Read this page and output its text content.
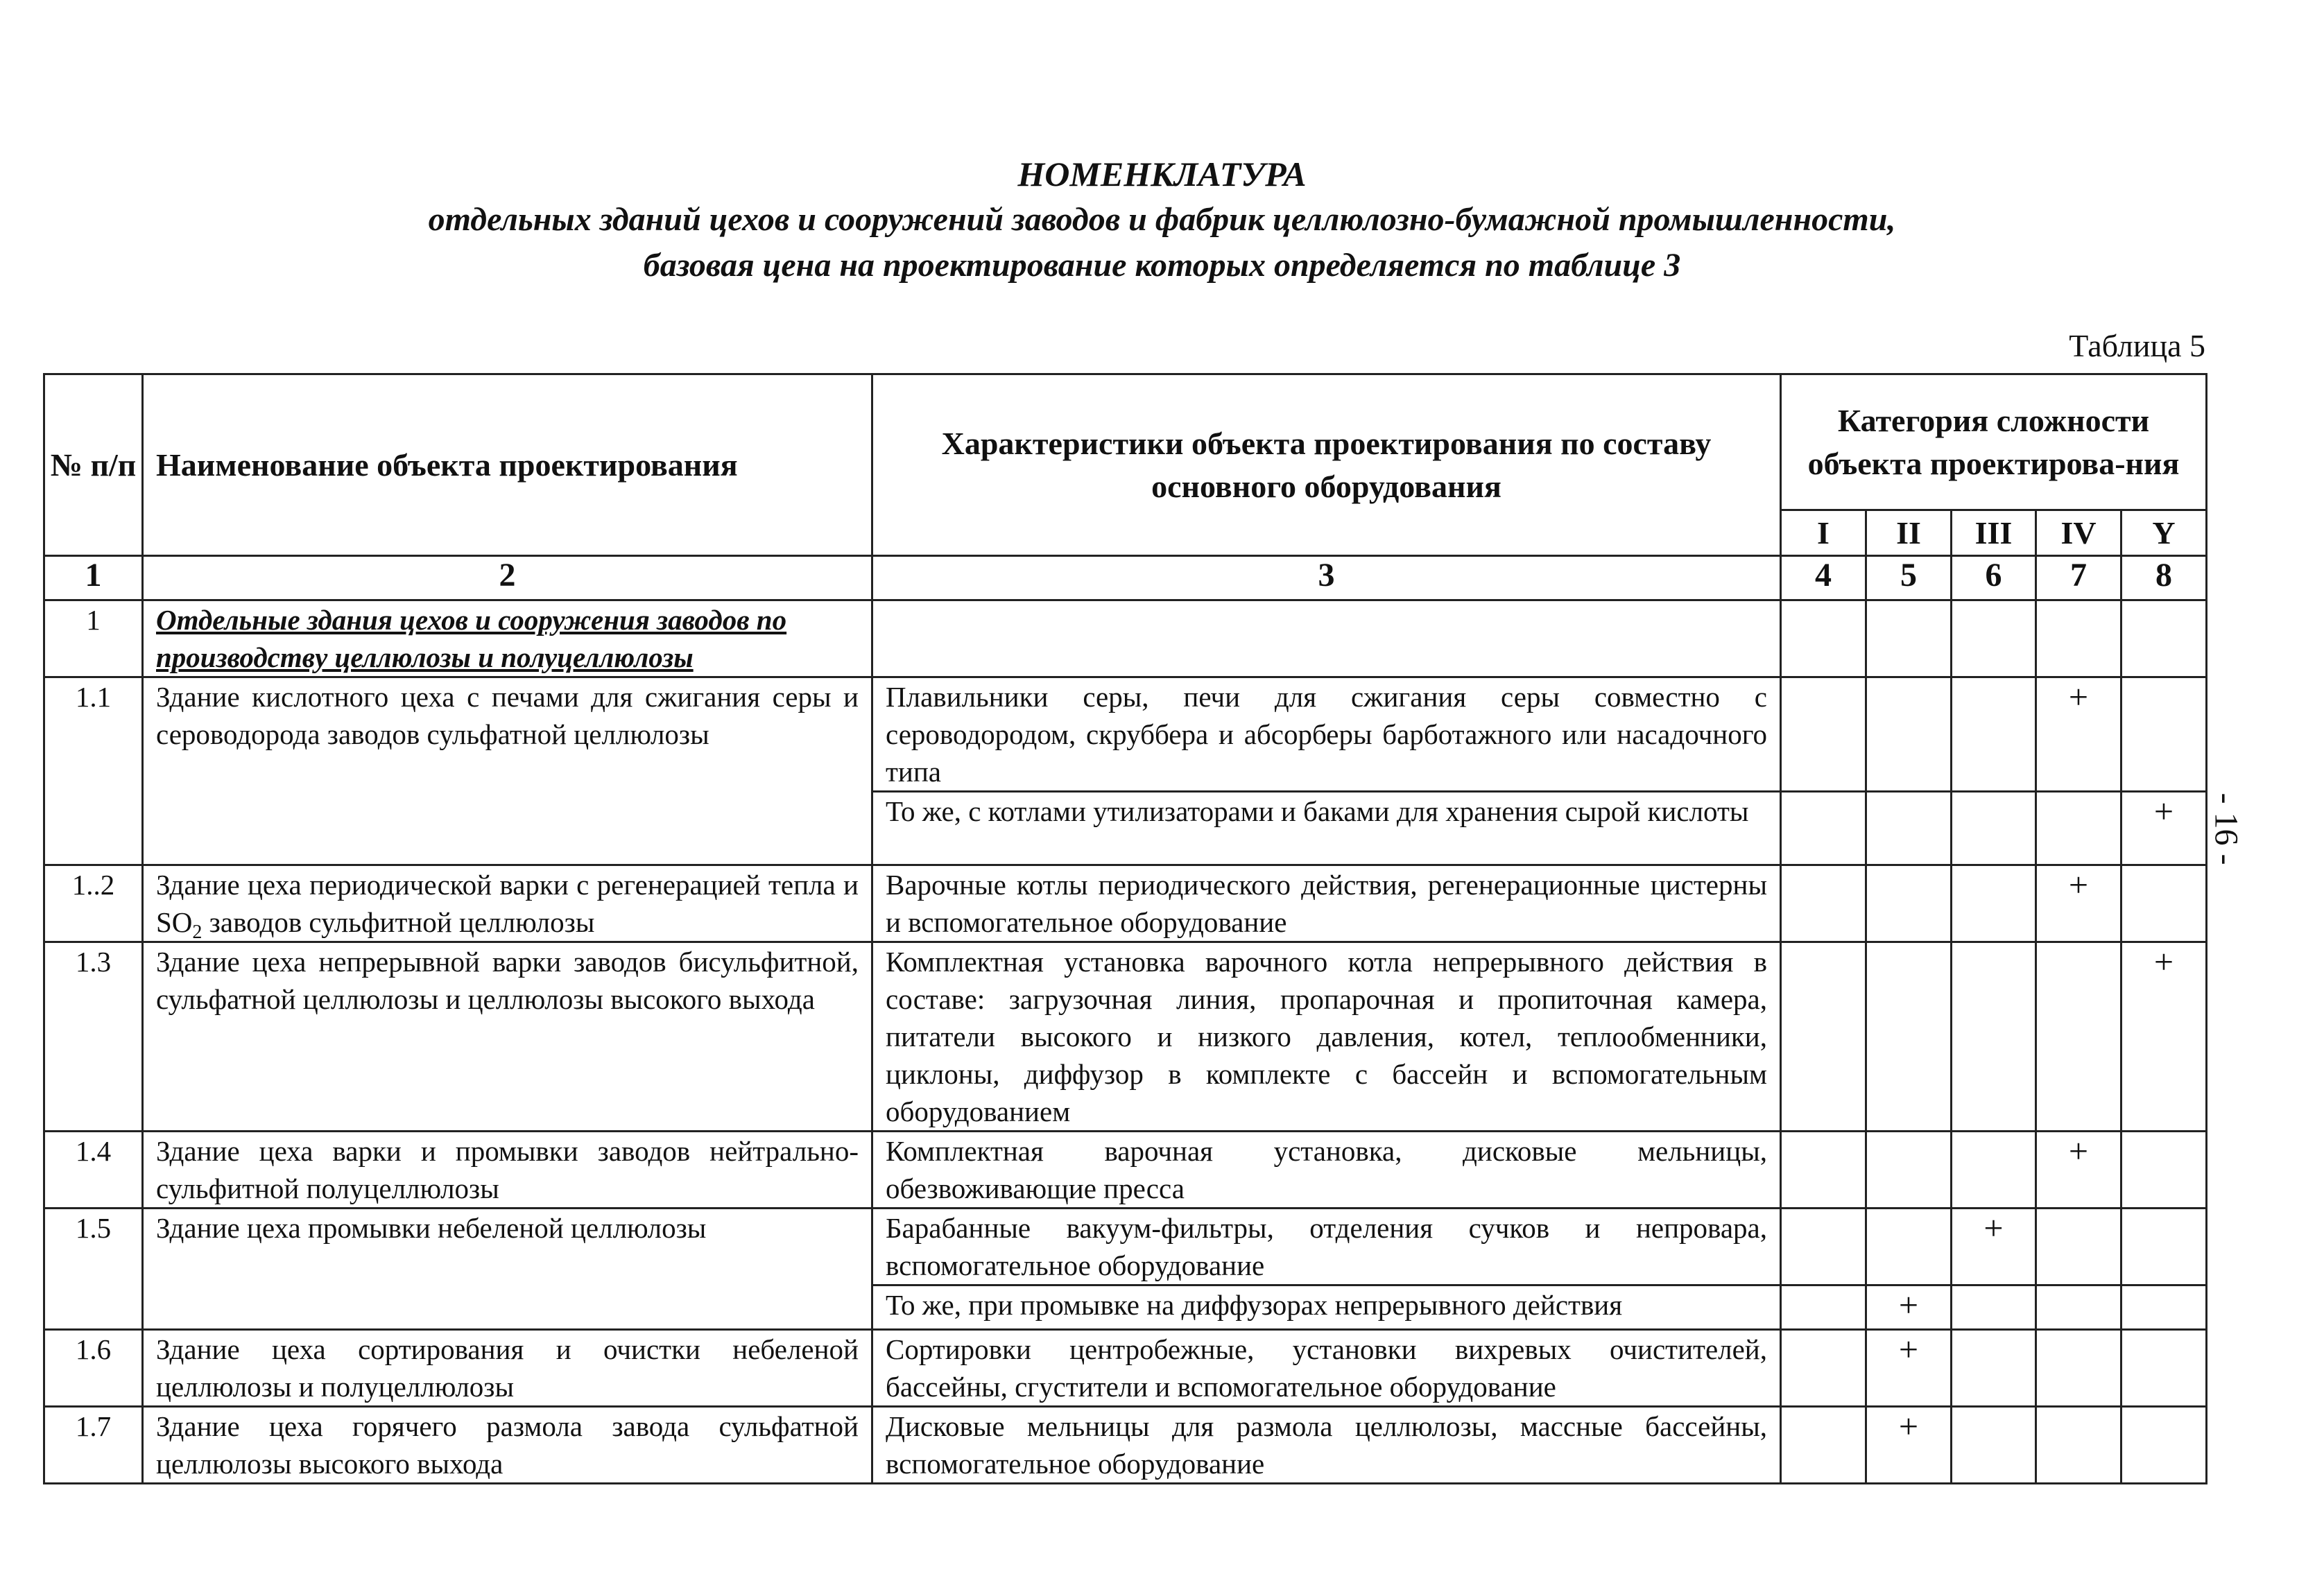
НОМЕНКЛАТУРА
отдельных зданий цехов и сооружений заводов и фабрик целлюлозно-бумажной промышленности,
базовая цена на проектирование которых определяется по таблице 3
Таблица 5
- 16 -
№ п/п	Наименование объекта проектирования	Характеристики объекта проектирования по составу основного оборудования	Категория сложности объекта проектирова-ния				
			I	II	III	IV	Y
1	2	3	4	5	6	7	8
1	Отдельные здания цехов и сооружения заводов по производству целлюлозы и полуцеллюлозы						
1.1	Здание кислотного цеха с печами для сжигания серы и сероводорода заводов сульфатной целлюлозы	Плавильники серы, печи для сжигания серы совместно с сероводородом, скруббера и абсорберы барботажного или насадочного типа				+	
		То же, с котлами утилизаторами и баками для хранения сырой кислоты					+
1..2	Здание цеха периодической варки с регенерацией тепла и $SO_2$ заводов сульфитной целлюлозы	Варочные котлы периодического действия, регенерационные цистерны и вспомогательное оборудование				+	
1.3	Здание цеха непрерывной варки заводов бисульфитной, сульфатной целлюлозы и целлюлозы высокого выхода	Комплектная установка варочного котла непрерывного действия в составе: загрузочная линия, пропарочная и пропиточная камера, питатели высокого и низкого давления, котел, теплообменники, циклоны, диффузор в комплекте с бассейн и вспомогательным оборудованием					+
1.4	Здание цеха варки и промывки заводов нейтрально-сульфитной полуцеллюлозы	Комплектная варочная установка, дисковые мельницы, обезвоживающие пресса				+	
1.5	Здание цеха промывки небеленой целлюлозы	Барабанные вакуум-фильтры, отделения сучков и непровара, вспомогательное оборудование			+		
		То же, при промывке на диффузорах непрерывного действия		+			
1.6	Здание цеха сортирования и очистки небеленой целлюлозы и полуцеллюлозы	Сортировки центробежные, установки вихревых очистителей, бассейны, сгустители и вспомогательное оборудование		+			
1.7	Здание цеха горячего размола завода сульфатной целлюлозы высокого выхода	Дисковые мельницы для размола целлюлозы, массные бассейны, вспомогательное оборудование		+			
